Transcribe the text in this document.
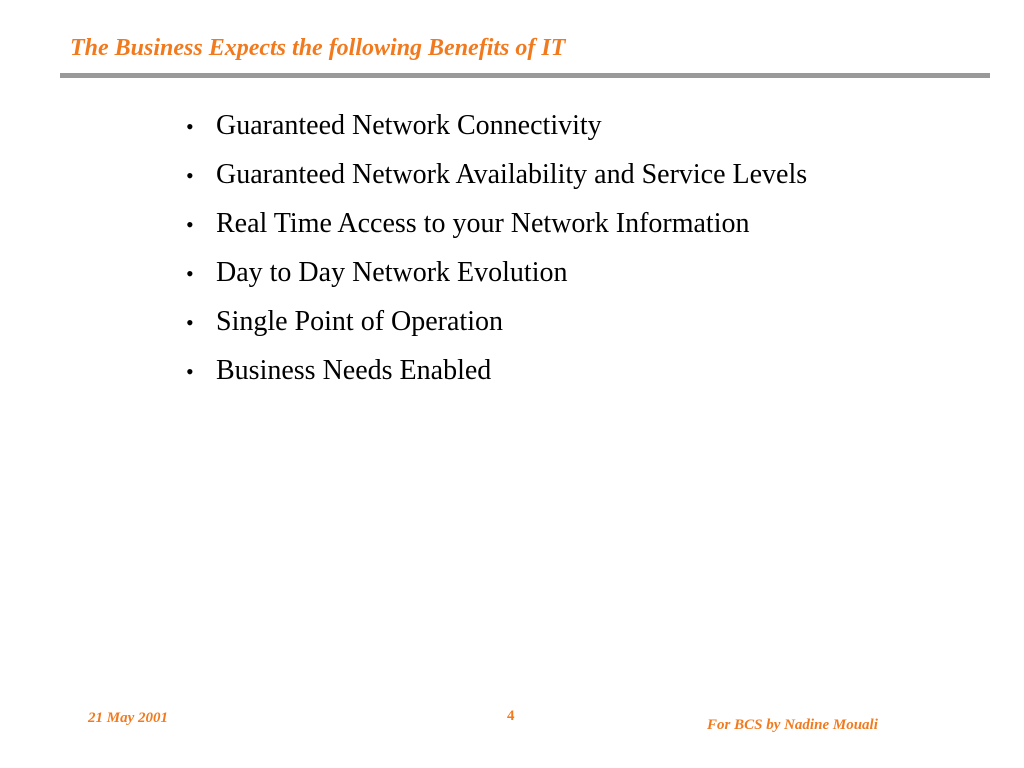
The Business Expects the following Benefits of IT
• Guaranteed Network Connectivity
• Guaranteed Network Availability and Service Levels
• Real Time Access to your Network Information
• Day to Day Network Evolution
• Single Point of Operation
• Business Needs Enabled
21 May 2001	4
For BCS by Nadine Mouali
